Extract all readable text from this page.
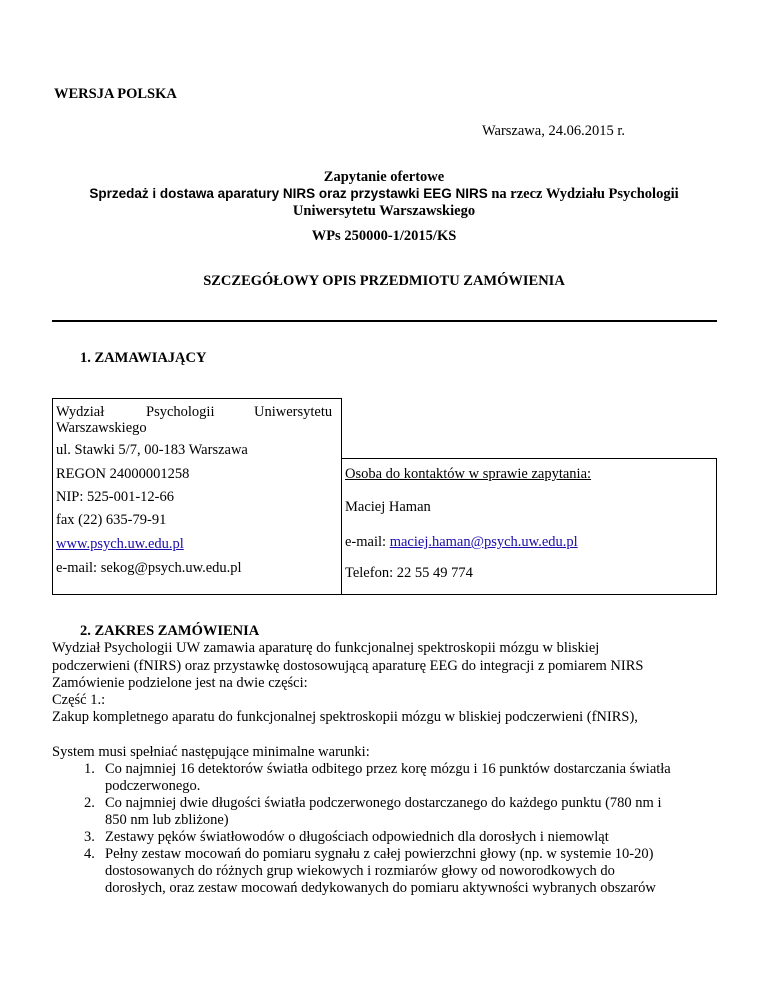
WERSJA POLSKA
Warszawa, 24.06.2015 r.
Zapytanie ofertowe
Sprzedaż i dostawa aparatury NIRS oraz przystawki EEG NIRS na rzecz Wydziału Psychologii
Uniwersytetu Warszawskiego
WPs 250000-1/2015/KS
SZCZEGÓŁOWY OPIS PRZEDMIOTU ZAMÓWIENIA
1. ZAMAWIAJĄCY
Wydział	Psychologii	Uniwersytetu
Warszawskiego
ul. Stawki 5/7, 00-183 Warszawa
REGON 24000001258
NIP: 525-001-12-66
fax (22) 635-79-91
www.psych.uw.edu.pl
e-mail: sekog@psych.uw.edu.pl
Osoba do kontaktów w sprawie zapytania:
Maciej Haman
e-mail: maciej.haman@psych.uw.edu.pl
Telefon: 22 55 49 774
2. ZAKRES ZAMÓWIENIA
Wydział Psychologii UW zamawia aparaturę do funkcjonalnej spektroskopii mózgu w bliskiej
podczerwieni (fNIRS) oraz przystawkę dostosowującą aparaturę EEG do integracji z pomiarem NIRS
Zamówienie podzielone jest na dwie części:
Część 1.:
Zakup kompletnego aparatu do funkcjonalnej spektroskopii mózgu w bliskiej podczerwieni (fNIRS),
System musi spełniać następujące minimalne warunki:
1. Co najmniej 16 detektorów światła odbitego przez korę mózgu i 16 punktów dostarczania światła
podczerwonego.
2. Co najmniej dwie długości światła podczerwonego dostarczanego do każdego punktu (780 nm i
850 nm lub zbliżone)
3. Zestawy pęków światłowodów o długościach odpowiednich dla dorosłych i niemowląt
4. Pełny zestaw mocowań do pomiaru sygnału z całej powierzchni głowy (np. w systemie 10-20)
dostosowanych do różnych grup wiekowych i rozmiarów głowy od noworodkowych do
dorosłych, oraz zestaw mocowań dedykowanych do pomiaru aktywności wybranych obszarów
